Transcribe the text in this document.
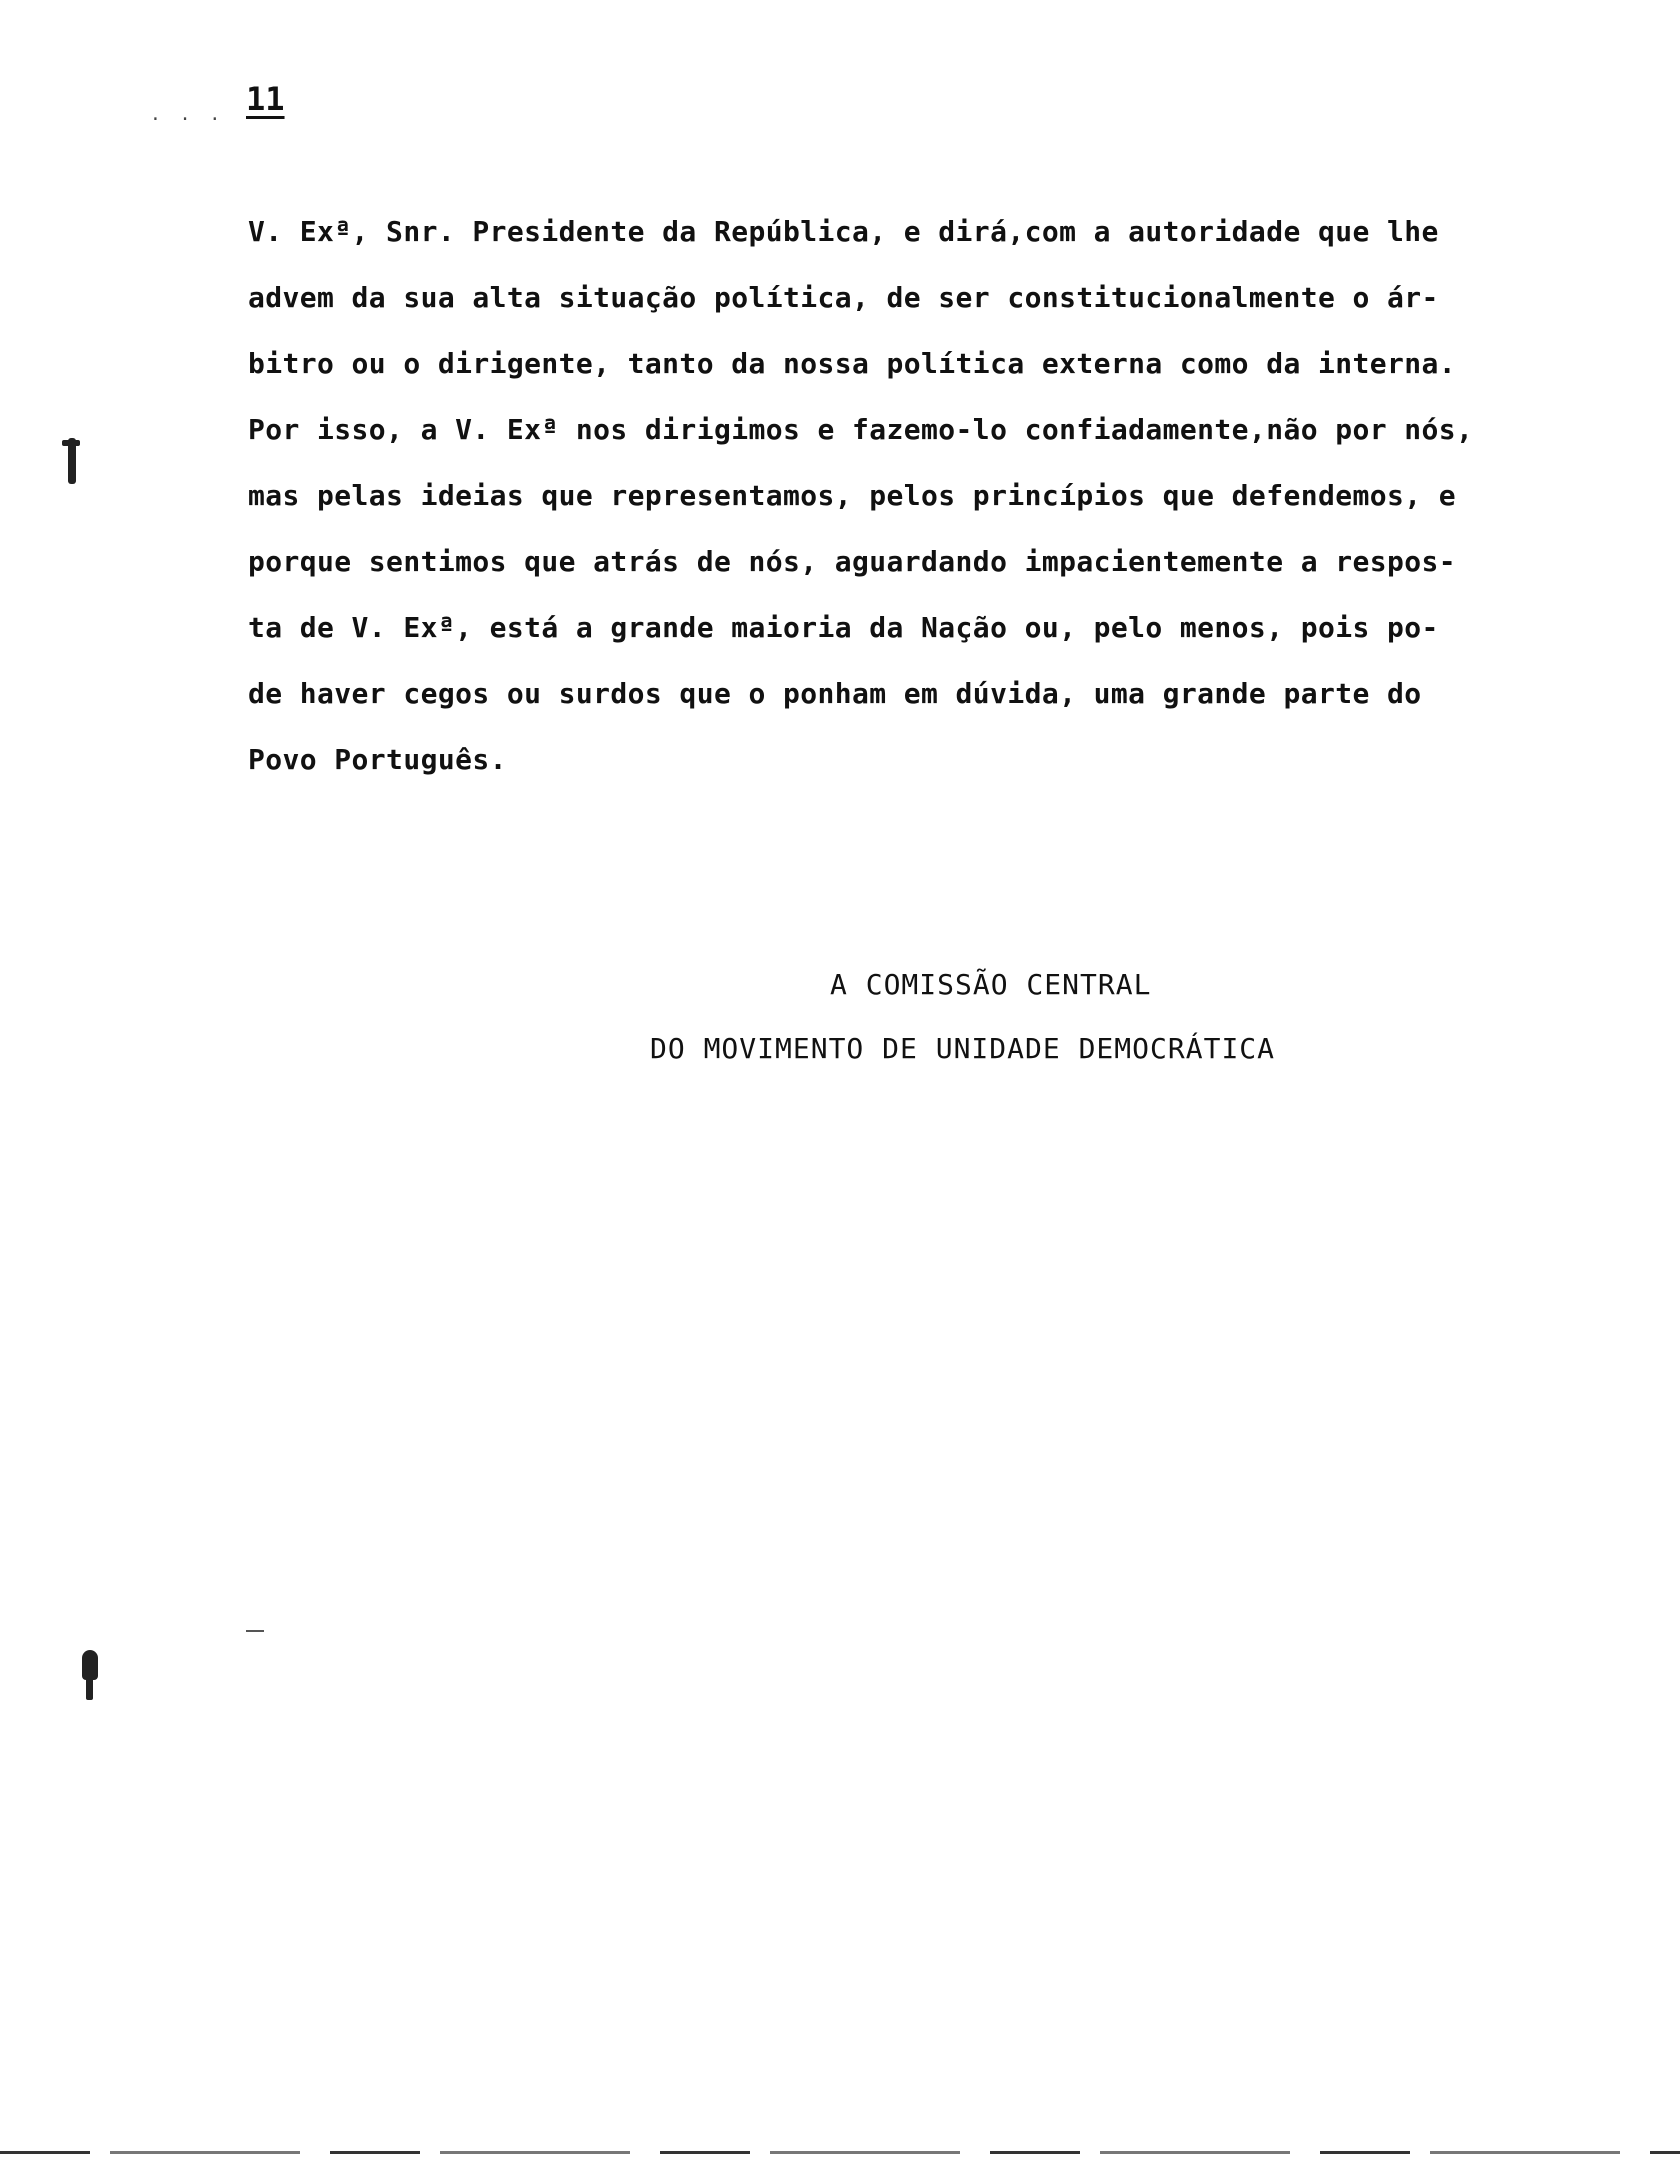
. . . 11
V. Exª, Snr. Presidente da República, e dirá,com a autoridade que lhe
advem da sua alta situação política, de ser constitucionalmente o ár-
bitro ou o dirigente, tanto da nossa política externa como da interna.
Por isso, a V. Exª nos dirigimos e fazemo-lo confiadamente,não por nós,
mas pelas ideias que representamos, pelos princípios que defendemos, e
porque sentimos que atrás de nós, aguardando impacientemente a respos-
ta de V. Exª, está a grande maioria da Nação ou, pelo menos, pois po-
de haver cegos ou surdos que o ponham em dúvida, uma grande parte do
Povo Português.
A COMISSÃO CENTRAL
DO MOVIMENTO DE UNIDADE DEMOCRÁTICA
